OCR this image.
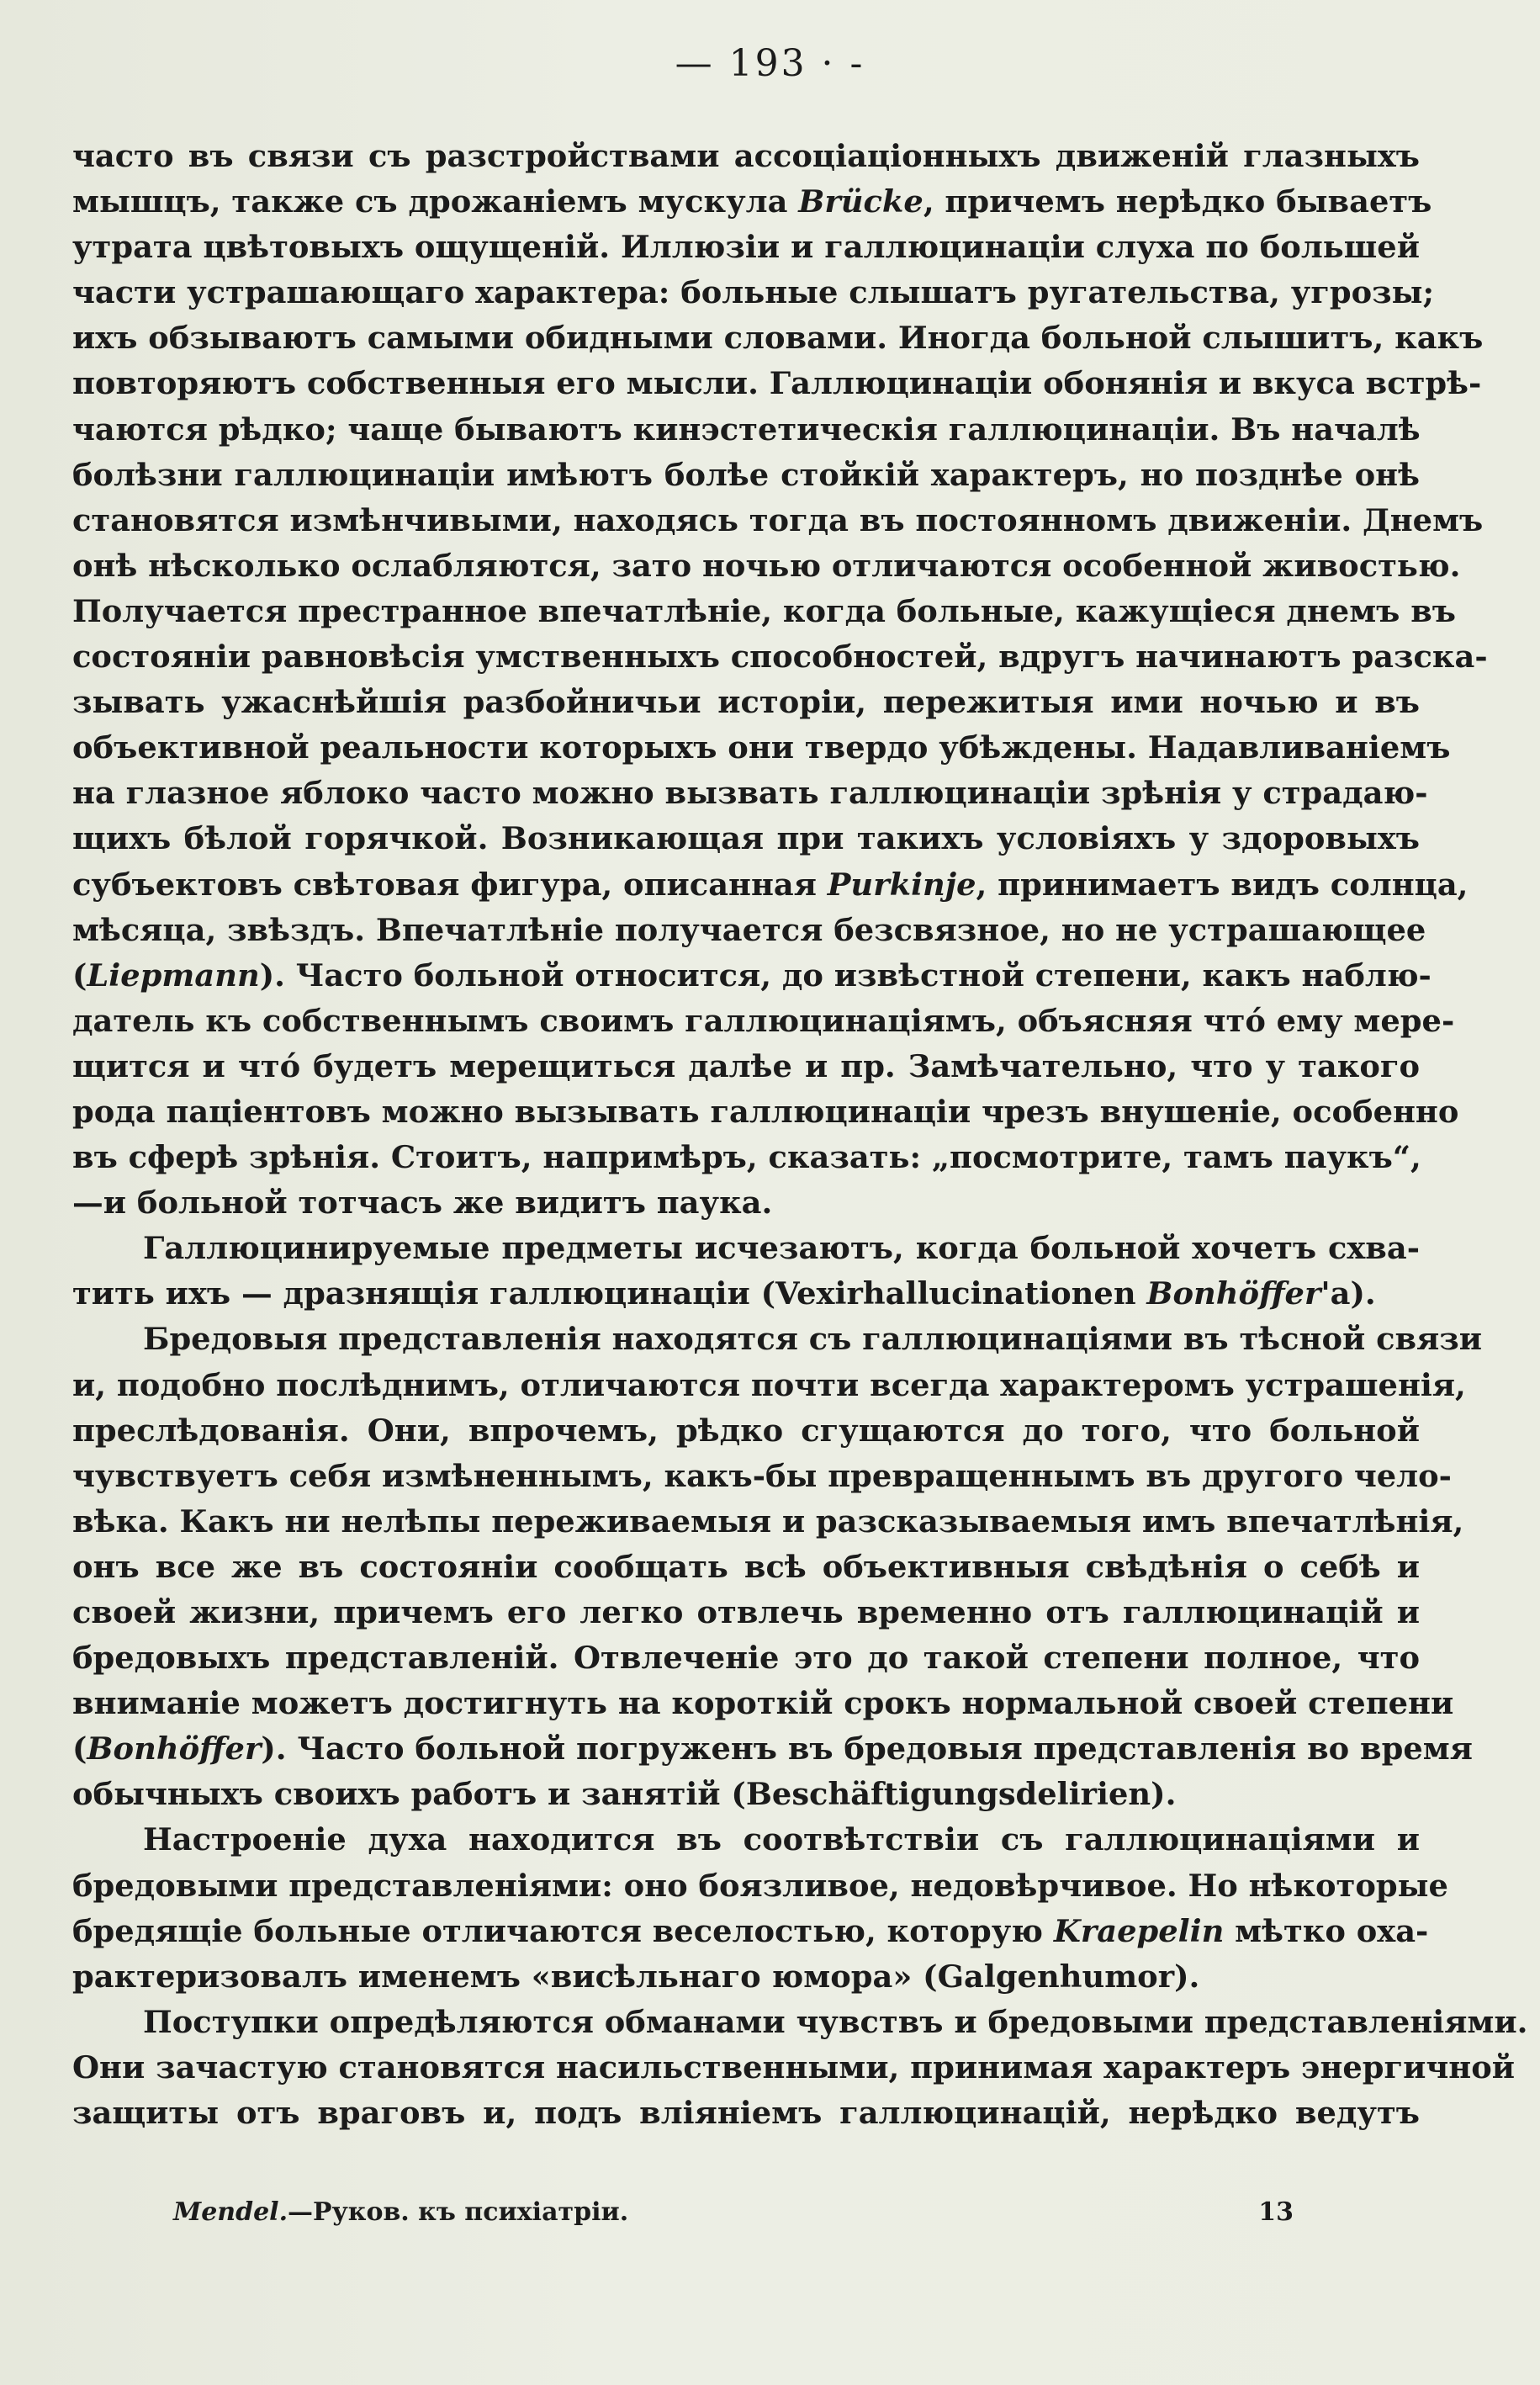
— 193 · -
часто въ связи съ разстройствами ассоціаціонныхъ движеній глазныхъ
мышцъ, также съ дрожаніемъ мускула Brücke, причемъ нерѣдко бываетъ
утрата цвѣтовыхъ ощущеній. Иллюзіи и галлюцинаціи слуха по большей
части устрашающаго характера: больные слышатъ ругательства, угрозы;
ихъ обзываютъ самыми обидными словами. Иногда больной слышитъ, какъ
повторяютъ собственныя его мысли. Галлюцинаціи обонянія и вкуса встрѣ-
чаются рѣдко; чаще бываютъ кинэстетическія галлюцинаціи. Въ началѣ
болѣзни галлюцинаціи имѣютъ болѣе стойкій характеръ, но позднѣе онѣ
становятся измѣнчивыми, находясь тогда въ постоянномъ движеніи. Днемъ
онѣ нѣсколько ослабляются, зато ночью отличаются особенной живостью.
Получается престранное впечатлѣніе, когда больные, кажущіеся днемъ въ
состояніи равновѣсія умственныхъ способностей, вдругъ начинаютъ разска-
зывать ужаснѣйшія разбойничьи исторіи, пережитыя ими ночью и въ
объективной реальности которыхъ они твердо убѣждены. Надавливаніемъ
на глазное яблоко часто можно вызвать галлюцинаціи зрѣнія у страдаю-
щихъ бѣлой горячкой. Возникающая при такихъ условіяхъ у здоровыхъ
субъектовъ свѣтовая фигура, описанная Purkinje, принимаетъ видъ солнца,
мѣсяца, звѣздъ. Впечатлѣніе получается безсвязное, но не устрашающее
(Liepmann). Часто больной относится, до извѣстной степени, какъ наблю-
датель къ собственнымъ своимъ галлюцинаціямъ, объясняя чтó ему мере-
щится и чтó будетъ мерещиться далѣе и пр. Замѣчательно, что у такого
рода паціентовъ можно вызывать галлюцинаціи чрезъ внушеніе, особенно
въ сферѣ зрѣнія. Стоитъ, напримѣръ, сказать: „посмотрите, тамъ паукъ“,
—и больной тотчасъ же видитъ паука.
Галлюцинируемые предметы исчезаютъ, когда больной хочетъ схва-
тить ихъ — дразнящія галлюцинаціи (Vexirhallucinationen Bonhöffer'a).
Бредовыя представленія находятся съ галлюцинаціями въ тѣсной связи
и, подобно послѣднимъ, отличаются почти всегда характеромъ устрашенія,
преслѣдованія. Они, впрочемъ, рѣдко сгущаются до того, что больной
чувствуетъ себя измѣненнымъ, какъ-бы превращеннымъ въ другого чело-
вѣка. Какъ ни нелѣпы переживаемыя и разсказываемыя имъ впечатлѣнія,
онъ все же въ состояніи сообщать всѣ объективныя свѣдѣнія о себѣ и
своей жизни, причемъ его легко отвлечь временно отъ галлюцинацій и
бредовыхъ представленій. Отвлеченіе это до такой степени полное, что
вниманіе можетъ достигнуть на короткій срокъ нормальной своей степени
(Bonhöffer). Часто больной погруженъ въ бредовыя представленія во время
обычныхъ своихъ работъ и занятій (Beschäftigungsdelirien).
Настроеніе духа находится въ соотвѣтствіи съ галлюцинаціями и
бредовыми представленіями: оно боязливое, недовѣрчивое. Но нѣкоторые
бредящіе больные отличаются веселостью, которую Kraepelin мѣтко оха-
рактеризовалъ именемъ «висѣльнаго юмора» (Galgenhumor).
Поступки опредѣляются обманами чувствъ и бредовыми представленіями.
Они зачастую становятся насильственными, принимая характеръ энергичной
защиты отъ враговъ и, подъ вліяніемъ галлюцинацій, нерѣдко ведутъ
Mendel.—Рукoв. къ психіатріи.	13
